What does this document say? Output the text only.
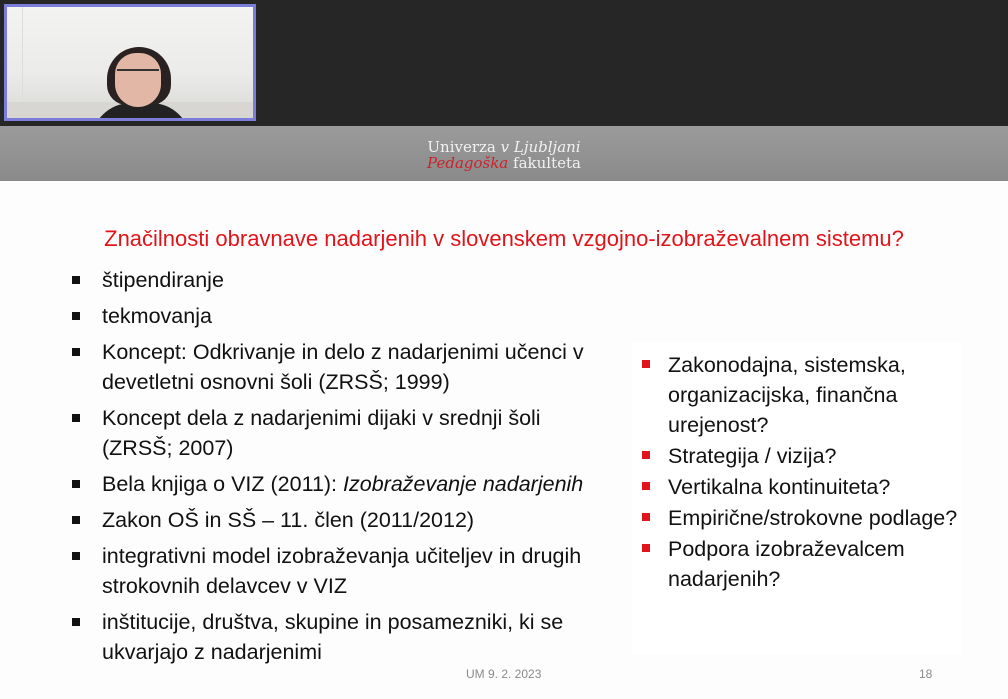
Univerza v Ljubljani
Pedagoška fakulteta
Značilnosti obravnave nadarjenih v slovenskem vzgojno-izobraževalnem sistemu?
štipendiranje
tekmovanja
Koncept: Odkrivanje in delo z nadarjenimi učenci v devetletni osnovni šoli (ZRSŠ; 1999)
Koncept dela z nadarjenimi dijaki v srednji šoli (ZRSŠ; 2007)
Bela knjiga o VIZ (2011): Izobraževanje nadarjenih
Zakon OŠ in SŠ – 11. člen (2011/2012)
integrativni model izobraževanja učiteljev in drugih strokovnih delavcev v VIZ
inštitucije, društva, skupine in posamezniki, ki se ukvarjajo z nadarjenimi
Zakonodajna, sistemska, organizacijska, finančna urejenost?
Strategija / vizija?
Vertikalna kontinuiteta?
Empirične/strokovne podlage?
Podpora izobraževalcem nadarjenih?
UM 9. 2. 2023	18
